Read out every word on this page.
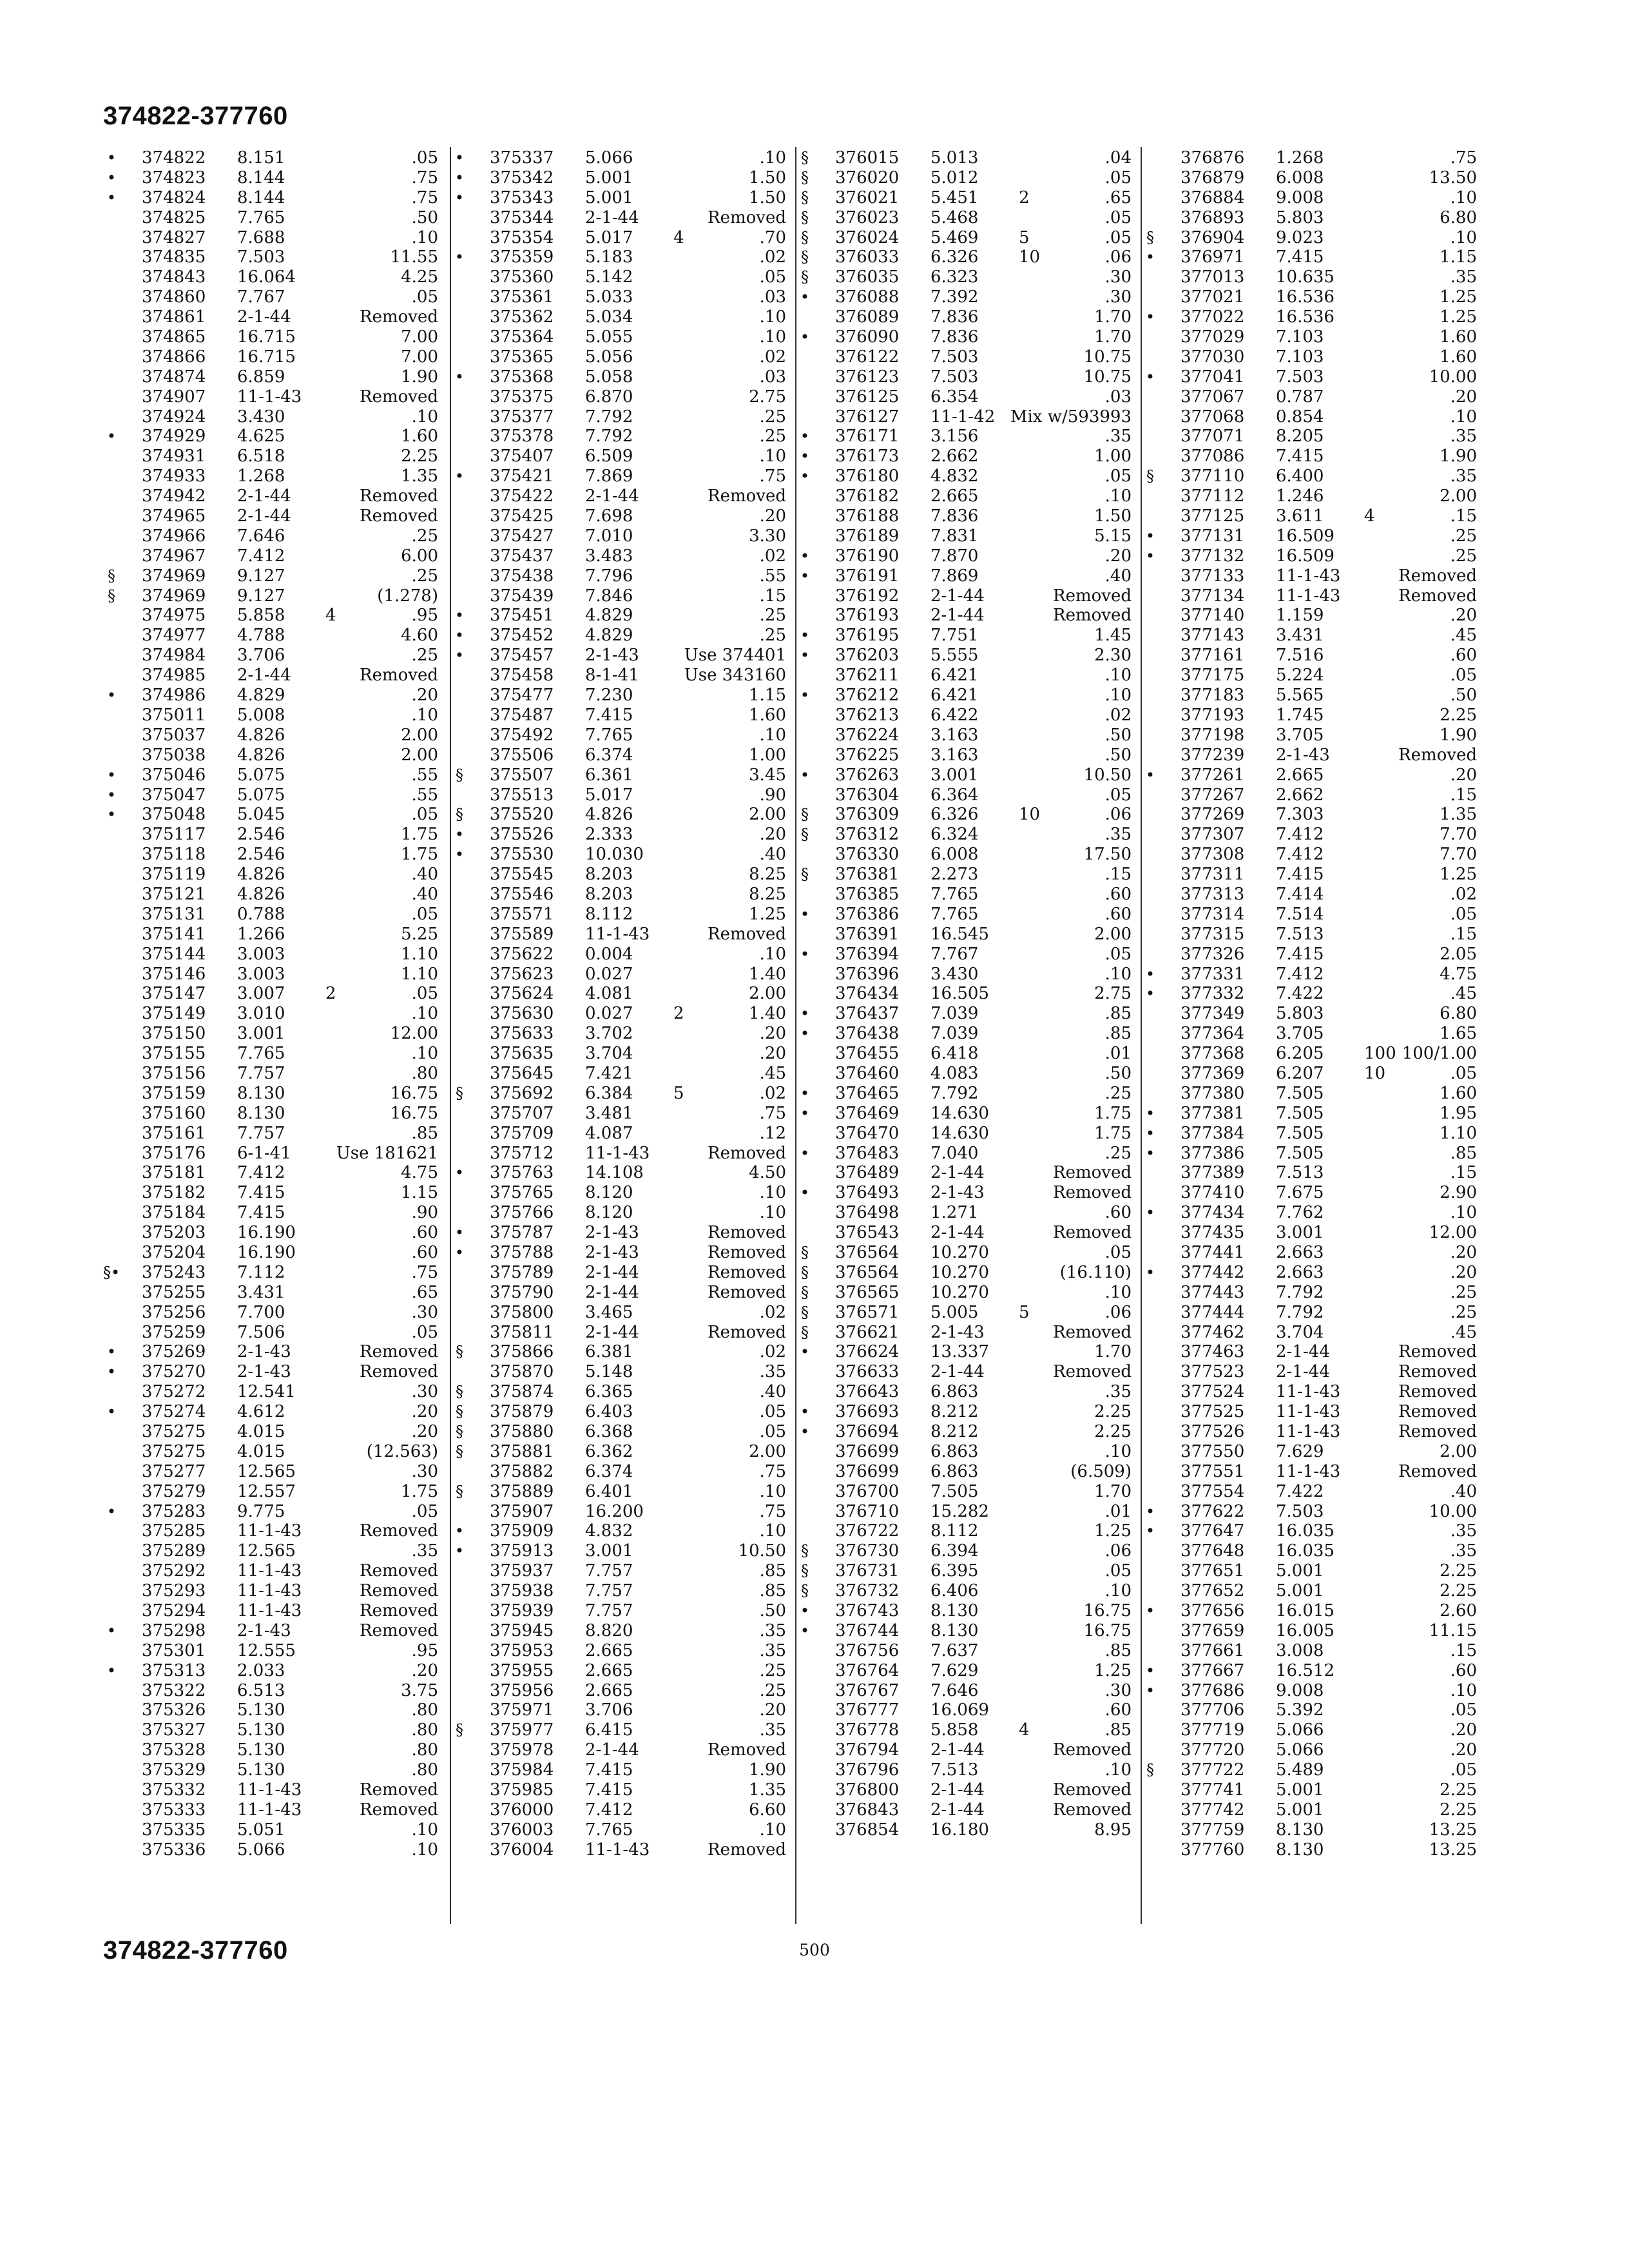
374822-377760
• 374822 8.151	.05
• 374823 8.144	.75
• 374824 8.144	.75
374825 7.765	.50
374827 7.688	.10
374835 7.503	11.55
374843 16.064	4.25
374860 7.767	.05
374861 2-1-44	Removed
374865 16.715	7.00
374866 16.715	7.00
374874 6.859	1.90
374907 11-1-43	Removed
374924 3.430	.10
• 374929 4.625	1.60
374931 6.518	2.25
374933 1.268	1.35
374942 2-1-44	Removed
374965 2-1-44	Removed
374966 7.646	.25
374967 7.412	6.00
§ 374969 9.127	.25
§ 374969 9.127	(1.278)
374975 5.858 4	.95
374977 4.788	4.60
374984 3.706	.25
374985 2-1-44	Removed
• 374986 4.829	.20
375011 5.008	.10
375037 4.826	2.00
375038 4.826	2.00
• 375046 5.075	.55
• 375047 5.075	.55
• 375048 5.045	.05
375117 2.546	1.75
375118 2.546	1.75
375119 4.826	.40
375121 4.826	.40
375131 0.788	.05
375141 1.266	5.25
375144 3.003	1.10
375146 3.003	1.10
375147 3.007 2	.05
375149 3.010	.10
375150 3.001	12.00
375155 7.765	.10
375156 7.757	.80
375159 8.130	16.75
375160 8.130	16.75
375161 7.757	.85
375176 6-1-41	Use 181621
375181 7.412	4.75
375182 7.415	1.15
375184 7.415	.90
375203 16.190	.60
375204 16.190	.60
§• 375243 7.112	.75
375255 3.431	.65
375256 7.700	.30
375259 7.506	.05
• 375269 2-1-43	Removed
• 375270 2-1-43	Removed
375272 12.541	.30
• 375274 4.612	.20
375275 4.015	.20
375275 4.015	(12.563)
375277 12.565	.30
375279 12.557	1.75
• 375283 9.775	.05
375285 11-1-43	Removed
375289 12.565	.35
375292 11-1-43	Removed
375293 11-1-43	Removed
375294 11-1-43	Removed
• 375298 2-1-43	Removed
375301 12.555	.95
• 375313 2.033	.20
375322 6.513	3.75
375326 5.130	.80
375327 5.130	.80
375328 5.130	.80
375329 5.130	.80
375332 11-1-43	Removed
375333 11-1-43	Removed
375335 5.051	.10
375336 5.066	.10
• 375337 5.066	.10
• 375342 5.001	1.50
• 375343 5.001	1.50
375344 2-1-44	Removed
375354 5.017 4	.70
• 375359 5.183	.02
375360 5.142	.05
375361 5.033	.03
375362 5.034	.10
375364 5.055	.10
375365 5.056	.02
• 375368 5.058	.03
375375 6.870	2.75
375377 7.792	.25
375378 7.792	.25
375407 6.509	.10
• 375421 7.869	.75
375422 2-1-44	Removed
375425 7.698	.20
375427 7.010	3.30
375437 3.483	.02
375438 7.796	.55
375439 7.846	.15
• 375451 4.829	.25
• 375452 4.829	.25
• 375457 2-1-43	Use 374401
375458 8-1-41	Use 343160
375477 7.230	1.15
375487 7.415	1.60
375492 7.765	.10
375506 6.374	1.00
§ 375507 6.361	3.45
375513 5.017	.90
§ 375520 4.826	2.00
• 375526 2.333	.20
• 375530 10.030	.40
375545 8.203	8.25
375546 8.203	8.25
375571 8.112	1.25
375589 11-1-43	Removed
375622 0.004	.10
375623 0.027	1.40
375624 4.081	2.00
375630 0.027 2	1.40
375633 3.702	.20
375635 3.704	.20
375645 7.421	.45
§ 375692 6.384 5	.02
375707 3.481	.75
375709 4.087	.12
375712 11-1-43	Removed
• 375763 14.108	4.50
375765 8.120	.10
375766 8.120	.10
• 375787 2-1-43	Removed
• 375788 2-1-43	Removed
375789 2-1-44	Removed
375790 2-1-44	Removed
375800 3.465	.02
375811 2-1-44	Removed
§ 375866 6.381	.02
375870 5.148	.35
§ 375874 6.365	.40
§ 375879 6.403	.05
§ 375880 6.368	.05
§ 375881 6.362	2.00
375882 6.374	.75
§ 375889 6.401	.10
375907 16.200	.75
• 375909 4.832	.10
• 375913 3.001	10.50
375937 7.757	.85
375938 7.757	.85
375939 7.757	.50
375945 8.820	.35
375953 2.665	.35
375955 2.665	.25
375956 2.665	.25
375971 3.706	.20
§ 375977 6.415	.35
375978 2-1-44	Removed
375984 7.415	1.90
375985 7.415	1.35
376000 7.412	6.60
376003 7.765	.10
376004 11-1-43	Removed
§ 376015 5.013	.04
§ 376020 5.012	.05
§ 376021 5.451 2	.65
§ 376023 5.468	.05
§ 376024 5.469 5	.05
§ 376033 6.326 10	.06
§ 376035 6.323	.30
• 376088 7.392	.30
376089 7.836	1.70
• 376090 7.836	1.70
376122 7.503	10.75
376123 7.503	10.75
376125 6.354	.03
376127 11-1-42 Mix w/593993
• 376171 3.156	.35
• 376173 2.662	1.00
• 376180 4.832	.05
376182 2.665	.10
376188 7.836	1.50
376189 7.831	5.15
• 376190 7.870	.20
• 376191 7.869	.40
376192 2-1-44	Removed
376193 2-1-44	Removed
• 376195 7.751	1.45
• 376203 5.555	2.30
376211 6.421	.10
• 376212 6.421	.10
376213 6.422	.02
376224 3.163	.50
376225 3.163	.50
• 376263 3.001	10.50
376304 6.364	.05
§ 376309 6.326 10	.06
§ 376312 6.324	.35
376330 6.008	17.50
§ 376381 2.273	.15
376385 7.765	.60
• 376386 7.765	.60
376391 16.545	2.00
• 376394 7.767	.05
376396 3.430	.10
376434 16.505	2.75
• 376437 7.039	.85
• 376438 7.039	.85
376455 6.418	.01
376460 4.083	.50
• 376465 7.792	.25
• 376469 14.630	1.75
376470 14.630	1.75
• 376483 7.040	.25
376489 2-1-44	Removed
• 376493 2-1-43	Removed
376498 1.271	.60
376543 2-1-44	Removed
§ 376564 10.270	.05
§ 376564 10.270	(16.110)
§ 376565 10.270	.10
§ 376571 5.005 5	.06
§ 376621 2-1-43	Removed
• 376624 13.337	1.70
376633 2-1-44	Removed
376643 6.863	.35
• 376693 8.212	2.25
• 376694 8.212	2.25
376699 6.863	.10
376699 6.863	(6.509)
376700 7.505	1.70
376710 15.282	.01
376722 8.112	1.25
§ 376730 6.394	.06
§ 376731 6.395	.05
§ 376732 6.406	.10
• 376743 8.130	16.75
• 376744 8.130	16.75
376756 7.637	.85
376764 7.629	1.25
376767 7.646	.30
376777 16.069	.60
376778 5.858 4	.85
376794 2-1-44	Removed
376796 7.513	.10
376800 2-1-44	Removed
376843 2-1-44	Removed
376854 16.180	8.95
376876 1.268	.75
376879 6.008	13.50
376884 9.008	.10
376893 5.803	6.80
§ 376904 9.023	.10
• 376971 7.415	1.15
377013 10.635	.35
377021 16.536	1.25
• 377022 16.536	1.25
377029 7.103	1.60
377030 7.103	1.60
• 377041 7.503	10.00
377067 0.787	.20
377068 0.854	.10
377071 8.205	.35
377086 7.415	1.90
§ 377110 6.400	.35
377112 1.246	2.00
377125 3.611 4	.15
• 377131 16.509	.25
• 377132 16.509	.25
377133 11-1-43	Removed
377134 11-1-43	Removed
377140 1.159	.20
377143 3.431	.45
377161 7.516	.60
377175 5.224	.05
377183 5.565	.50
377193 1.745	2.25
377198 3.705	1.90
377239 2-1-43	Removed
• 377261 2.665	.20
377267 2.662	.15
377269 7.303	1.35
377307 7.412	7.70
377308 7.412	7.70
377311 7.415	1.25
377313 7.414	.02
377314 7.514	.05
377315 7.513	.15
377326 7.415	2.05
• 377331 7.412	4.75
• 377332 7.422	.45
377349 5.803	6.80
377364 3.705	1.65
377368 6.205 100 100/1.00
377369 6.207 10	.05
377380 7.505	1.60
• 377381 7.505	1.95
• 377384 7.505	1.10
• 377386 7.505	.85
377389 7.513	.15
377410 7.675	2.90
• 377434 7.762	.10
377435 3.001	12.00
377441 2.663	.20
• 377442 2.663	.20
377443 7.792	.25
377444 7.792	.25
377462 3.704	.45
377463 2-1-44	Removed
377523 2-1-44	Removed
377524 11-1-43	Removed
377525 11-1-43	Removed
377526 11-1-43	Removed
377550 7.629	2.00
377551 11-1-43	Removed
377554 7.422	.40
• 377622 7.503	10.00
• 377647 16.035	.35
377648 16.035	.35
377651 5.001	2.25
377652 5.001	2.25
• 377656 16.015	2.60
377659 16.005	11.15
377661 3.008	.15
• 377667 16.512	.60
• 377686 9.008	.10
377706 5.392	.05
377719 5.066	.20
377720 5.066	.20
§ 377722 5.489	.05
377741 5.001	2.25
377742 5.001	2.25
377759 8.130	13.25
377760 8.130	13.25
374822-377760	500
